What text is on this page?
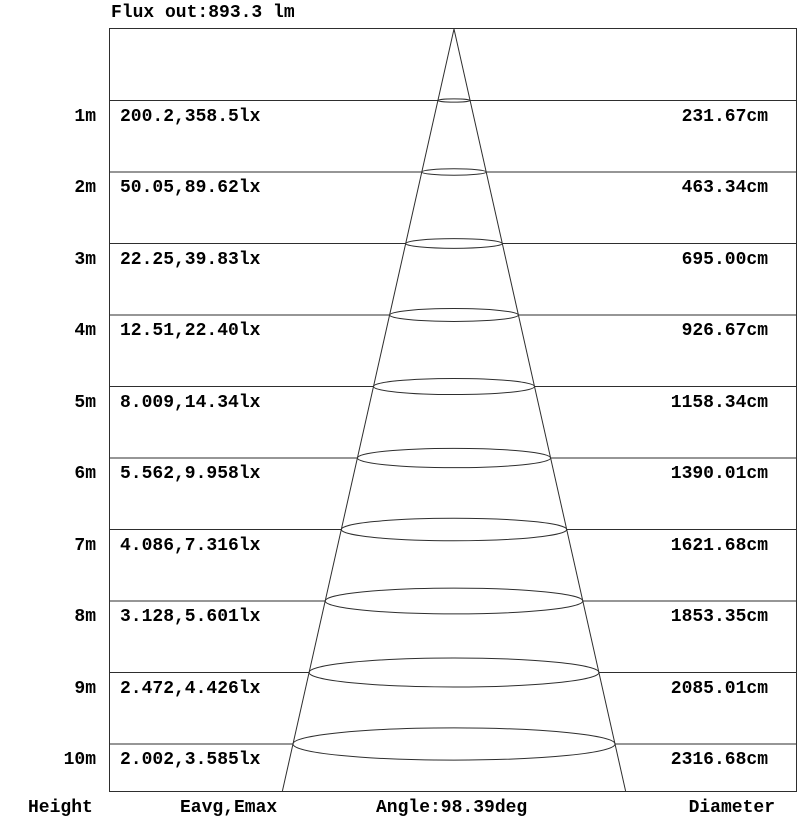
Flux out:893.3 lm
1m 200.2,358.5lx	231.67cm
2m 50.05,89.62lx	463.34cm
3m 22.25,39.83lx	695.00cm
4m 12.51,22.40lx	926.67cm
5m 8.009,14.34lx	1158.34cm
6m 5.562,9.958lx	1390.01cm
7m 4.086,7.316lx	1621.68cm
8m 3.128,5.601lx	1853.35cm
9m 2.472,4.426lx	2085.01cm
10m 2.002,3.585lx	2316.68cm
Height	Eavg,Emax	Angle:98.39deg	Diameter
